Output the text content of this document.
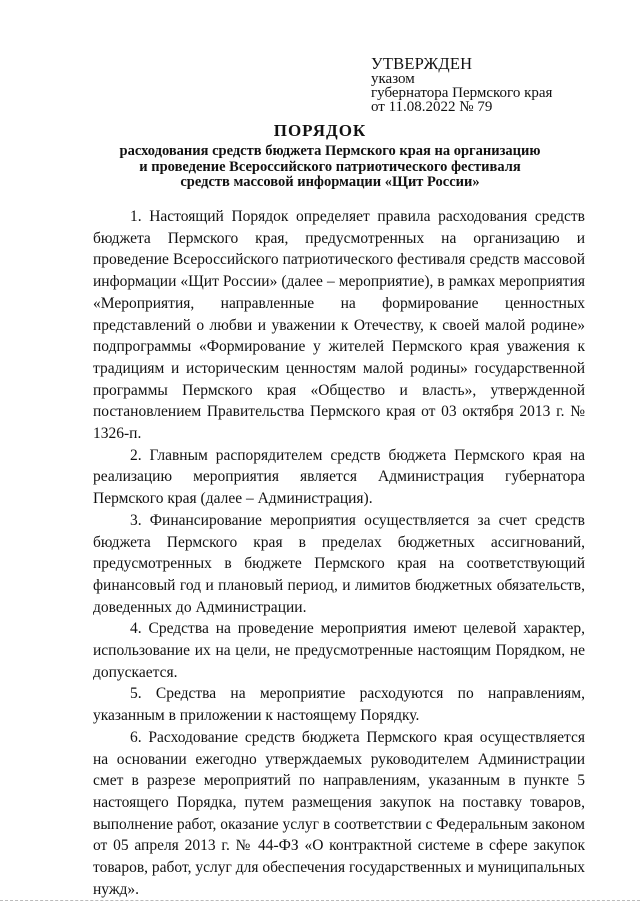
УТВЕРЖДЕН
указом
губернатора Пермского края
от 11.08.2022 № 79
ПОРЯДОК
расходования средств бюджета Пермского края на организацию
и проведение Всероссийского патриотического фестиваля
средств массовой информации «Щит России»

1. Настоящий Порядок определяет правила расходования средств бюджета Пермского края, предусмотренных на организацию и проведение Всероссийского патриотического фестиваля средств массовой информации «Щит России» (далее – мероприятие), в рамках мероприятия «Мероприятия, направленные на формирование ценностных представлений о любви и уважении к Отечеству, к своей малой родине» подпрограммы «Формирование у жителей Пермского края уважения к традициям и историческим ценностям малой родины» государственной программы Пермского края «Общество и власть», утвержденной постановлением Правительства Пермского края от 03 октября 2013 г. № 1326-п.

2. Главным распорядителем средств бюджета Пермского края на реализацию мероприятия является Администрация губернатора Пермского края (далее – Администрация).

3. Финансирование мероприятия осуществляется за счет средств бюджета Пермского края в пределах бюджетных ассигнований, предусмотренных в бюджете Пермского края на соответствующий финансовый год и плановый период, и лимитов бюджетных обязательств, доведенных до Администрации.

4. Средства на проведение мероприятия имеют целевой характер, использование их на цели, не предусмотренные настоящим Порядком, не допускается.

5. Средства на мероприятие расходуются по направлениям, указанным в приложении к настоящему Порядку.

6. Расходование средств бюджета Пермского края осуществляется на основании ежегодно утверждаемых руководителем Администрации смет в разрезе мероприятий по направлениям, указанным в пункте 5 настоящего Порядка, путем размещения закупок на поставку товаров, выполнение работ, оказание услуг в соответствии с Федеральным законом от 05 апреля 2013 г. № 44-ФЗ «О контрактной системе в сфере закупок товаров, работ, услуг для обеспечения государственных и муниципальных нужд».
